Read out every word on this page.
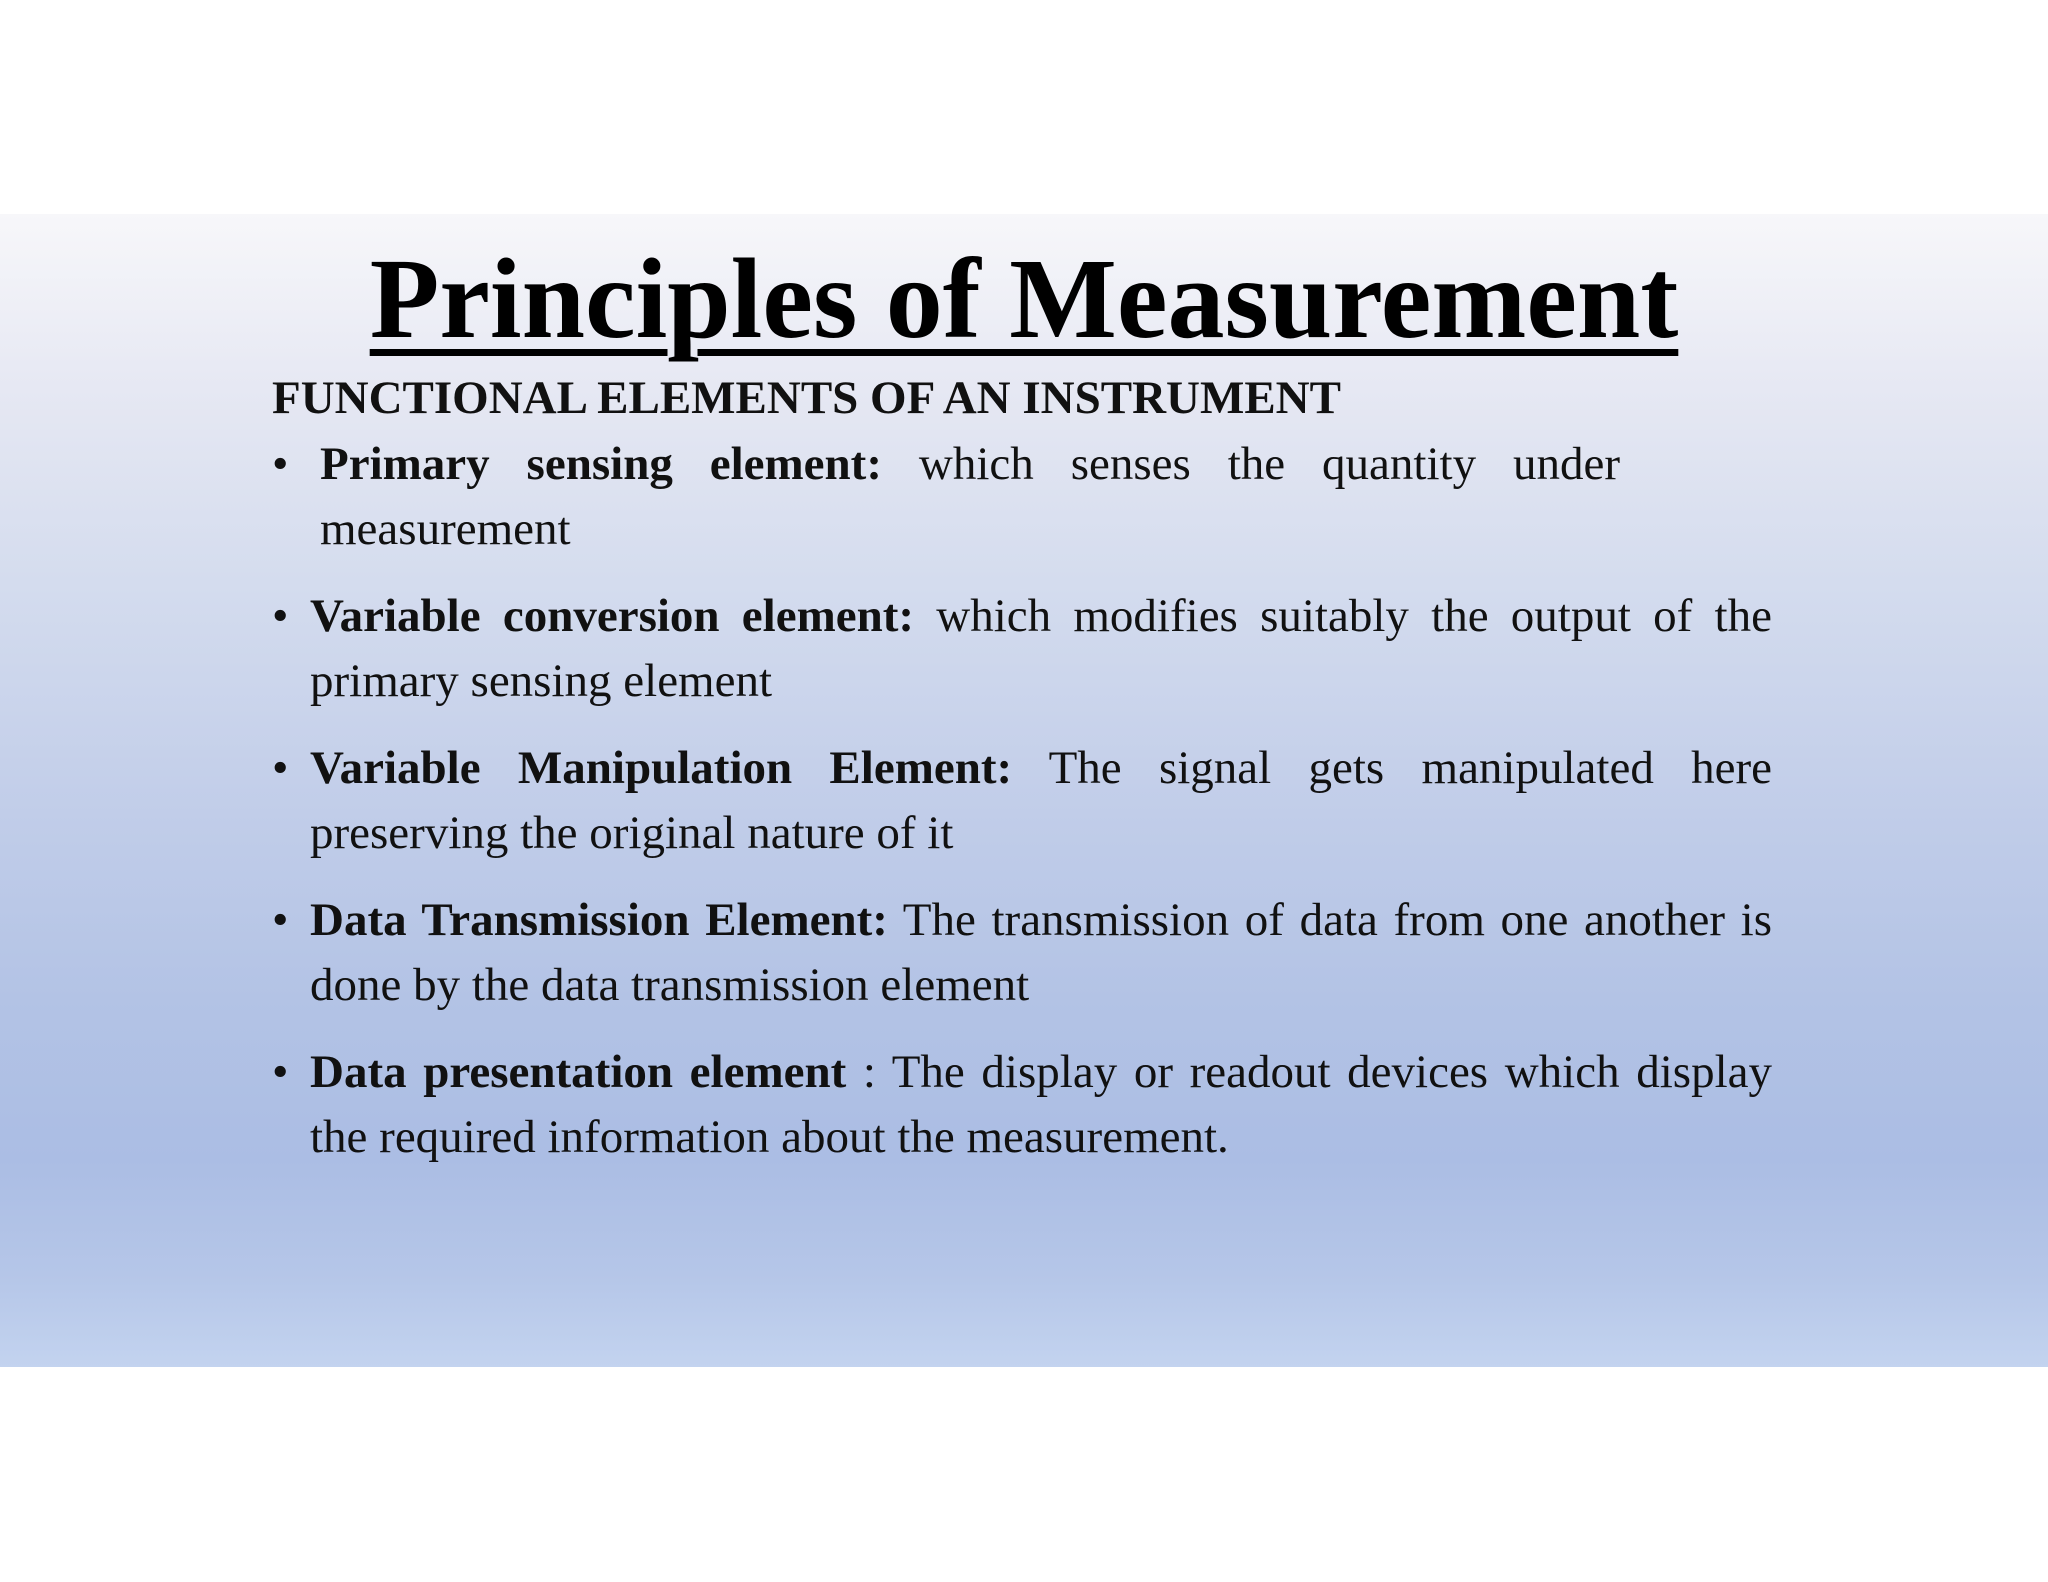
Principles of Measurement
FUNCTIONAL ELEMENTS OF AN INSTRUMENT
• Primary sensing element: which senses the quantity under measurement
• Variable conversion element: which modifies suitably the output of the primary sensing element
• Variable Manipulation Element: The signal gets manipulated here preserving the original nature of it
• Data Transmission Element: The transmission of data from one another is done by the data transmission element
• Data presentation element : The display or readout devices which display the required information about the measurement.
